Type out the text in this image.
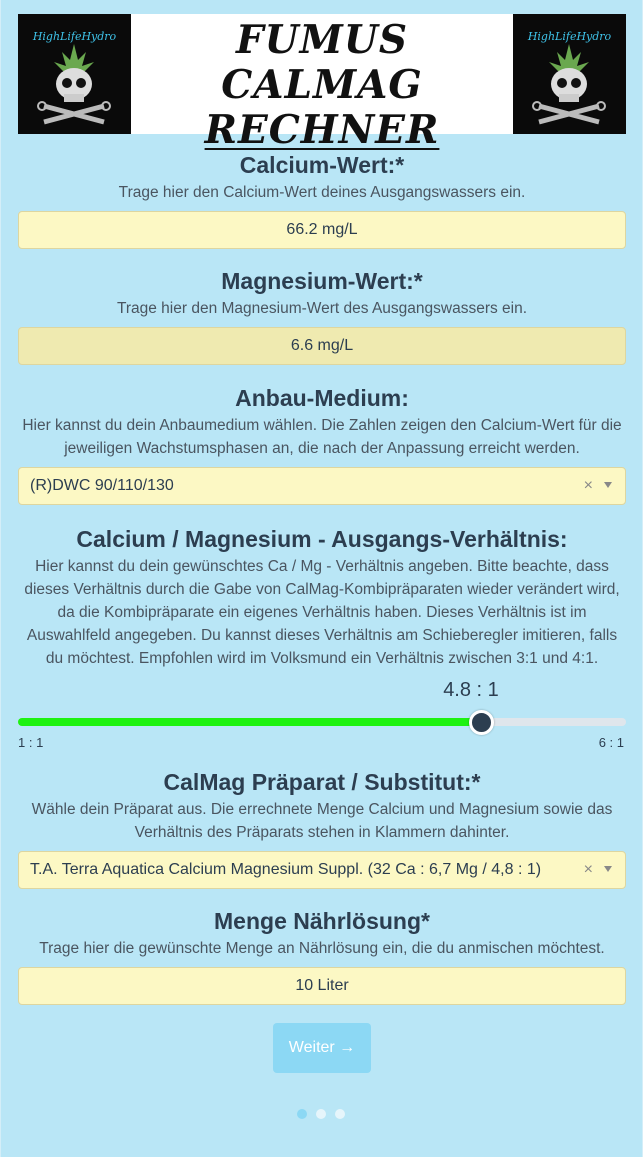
HighLifeHydro	FUMUS CALMAG
RECHNER
HighLifeHydro
Calcium-Wert:*

Trage hier den Calcium-Wert deines Ausgangswassers ein.

66.2 mg/L
Magnesium-Wert:*

Trage hier den Magnesium-Wert des Ausgangswassers ein.

6.6 mg/L
Anbau-Medium:

Hier kannst du dein Anbaumedium wählen. Die Zahlen zeigen den Calcium-Wert für die jeweiligen Wachstumsphasen an, die nach der Anpassung erreicht werden.

(R)DWC 90/110/130	×
Calcium / Magnesium - Ausgangs-Verhältnis:

Hier kannst du dein gewünschtes Ca / Mg - Verhältnis angeben. Bitte beachte, dass dieses Verhältnis durch die Gabe von CalMag-Kombipräparaten wieder verändert wird, da die Kombipräparate ein eigenes Verhältnis haben. Dieses Verhältnis ist im Auswahlfeld angegeben. Du kannst dieses Verhältnis am Schieberegler imitieren, falls du möchtest. Empfohlen wird im Volksmund ein Verhältnis zwischen 3:1 und 4:1.

4.8 : 1
1 : 1	6 : 1
CalMag Präparat / Substitut:*

Wähle dein Präparat aus. Die errechnete Menge Calcium und Magnesium sowie das Verhältnis des Präparats stehen in Klammern dahinter.

T.A. Terra Aquatica Calcium Magnesium Suppl. (32 Ca : 6,7 Mg / 4,8 : 1)	×
Menge Nährlösung*

Trage hier die gewünschte Menge an Nährlösung ein, die du anmischen möchtest.

10 Liter
Weiter →
